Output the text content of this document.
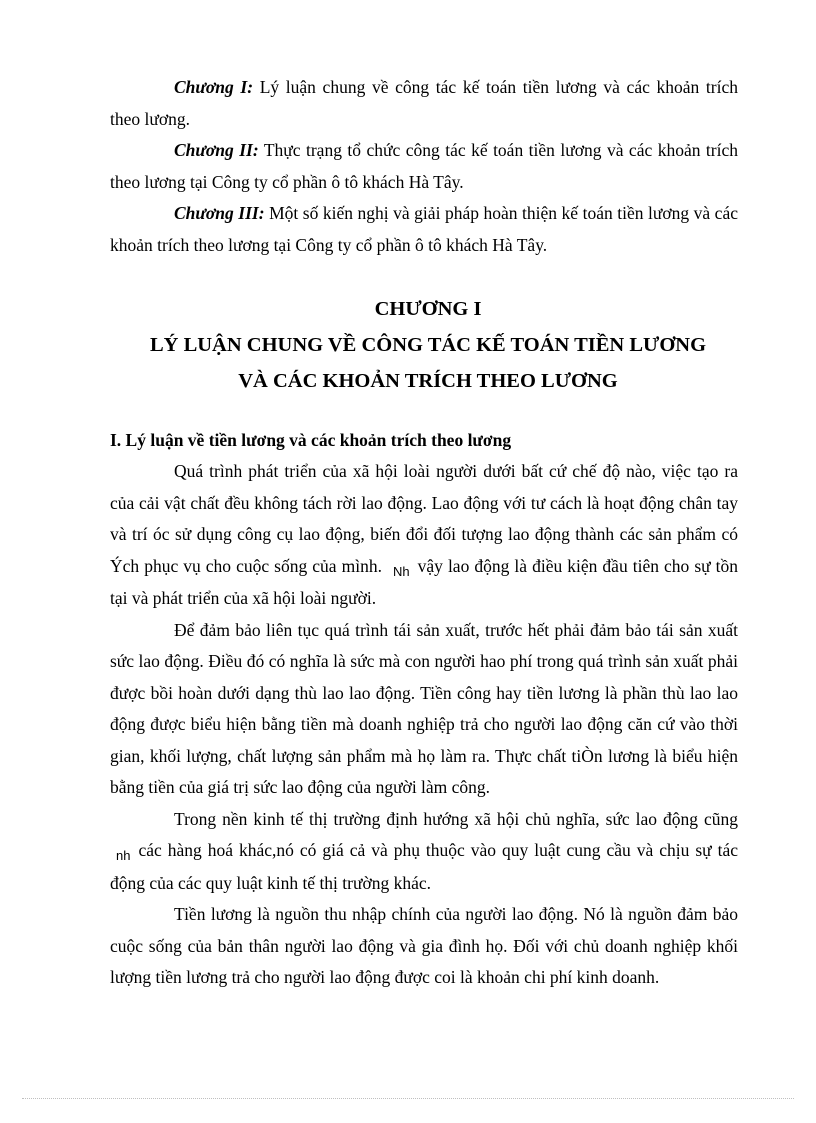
Chương I: Lý luận chung về công tác kế toán tiền lương và các khoản trích theo lương.

Chương II: Thực trạng tổ chức công tác kế toán tiền lương và các khoản trích theo lương tại Công ty cổ phần ô tô khách Hà Tây.

Chương III: Một số kiến nghị và giải pháp hoàn thiện kế toán tiền lương và các khoản trích theo lương tại Công ty cổ phần ô tô khách Hà Tây.

CHƯƠNG I
LÝ LUẬN CHUNG VỀ CÔNG TÁC KẾ TOÁN TIỀN LƯƠNG
VÀ CÁC KHOẢN TRÍCH THEO LƯƠNG
I. Lý luận về tiền lương và các khoản trích theo lương

Quá trình phát triển của xã hội loài người dưới bất cứ chế độ nào, việc tạo ra của cải vật chất đều không tách rời lao động. Lao động với tư cách là hoạt động chân tay và trí óc sử dụng công cụ lao động, biến đổi đối tượng lao động thành các sản phẩm có Ých phục vụ cho cuộc sống của mình. $_{Nh}$ vậy lao động là điều kiện đầu tiên cho sự tồn tại và phát triển của xã hội loài người.

Để đảm bảo liên tục quá trình tái sản xuất, trước hết phải đảm bảo tái sản xuất sức lao động. Điều đó có nghĩa là sức mà con người hao phí trong quá trình sản xuất phải được bồi hoàn dưới dạng thù lao lao động. Tiền công hay tiền lương là phần thù lao lao động được biểu hiện bằng tiền mà doanh nghiệp trả cho người lao động căn cứ vào thời gian, khối lượng, chất lượng sản phẩm mà họ làm ra. Thực chất tiÒn lương là biểu hiện bằng tiền của giá trị sức lao động của người làm công.

Trong nền kinh tế thị trường định hướng xã hội chủ nghĩa, sức lao động cũng $_{nh}$ các hàng hoá khác,nó có giá cả và phụ thuộc vào quy luật cung cầu và chịu sự tác động của các quy luật kinh tế thị trường khác.

Tiền lương là nguồn thu nhập chính của người lao động. Nó là nguồn đảm bảo cuộc sống của bản thân người lao động và gia đình họ. Đối với chủ doanh nghiệp khối lượng tiền lương trả cho người lao động được coi là khoản chi phí kinh doanh.
